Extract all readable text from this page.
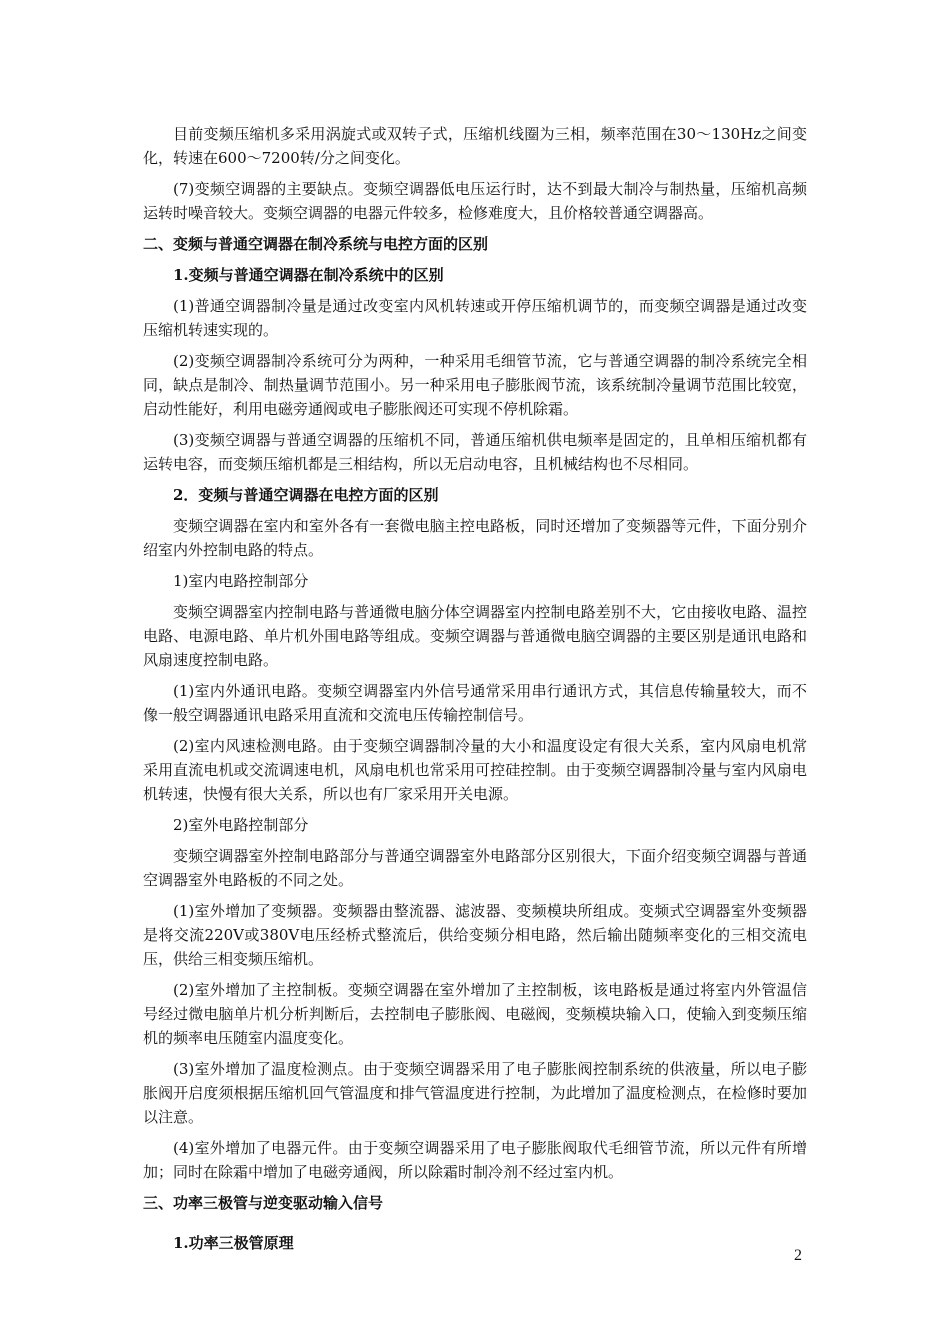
目前变频压缩机多采用涡旋式或双转子式，压缩机线圈为三相，频率范围在30～130Hz之间变化，转速在600～7200转/分之间变化。

(7)变频空调器的主要缺点。变频空调器低电压运行时，达不到最大制冷与制热量，压缩机高频运转时噪音较大。变频空调器的电器元件较多，检修难度大，且价格较普通空调器高。

二、变频与普通空调器在制冷系统与电控方面的区别
1.变频与普通空调器在制冷系统中的区别

(1)普通空调器制冷量是通过改变室内风机转速或开停压缩机调节的，而变频空调器是通过改变压缩机转速实现的。

(2)变频空调器制冷系统可分为两种，一种采用毛细管节流，它与普通空调器的制冷系统完全相同，缺点是制冷、制热量调节范围小。另一种采用电子膨胀阀节流，该系统制冷量调节范围比较宽，启动性能好，利用电磁旁通阀或电子膨胀阀还可实现不停机除霜。

(3)变频空调器与普通空调器的压缩机不同，普通压缩机供电频率是固定的，且单相压缩机都有运转电容，而变频压缩机都是三相结构，所以无启动电容，且机械结构也不尽相同。

2．变频与普通空调器在电控方面的区别

变频空调器在室内和室外各有一套微电脑主控电路板，同时还增加了变频器等元件，下面分别介绍室内外控制电路的特点。

1)室内电路控制部分

变频空调器室内控制电路与普通微电脑分体空调器室内控制电路差别不大，它由接收电路、温控电路、电源电路、单片机外围电路等组成。变频空调器与普通微电脑空调器的主要区别是通讯电路和风扇速度控制电路。

(1)室内外通讯电路。变频空调器室内外信号通常采用串行通讯方式，其信息传输量较大，而不像一般空调器通讯电路采用直流和交流电压传输控制信号。

(2)室内风速检测电路。由于变频空调器制冷量的大小和温度设定有很大关系，室内风扇电机常采用直流电机或交流调速电机，风扇电机也常采用可控硅控制。由于变频空调器制冷量与室内风扇电机转速，快慢有很大关系，所以也有厂家采用开关电源。

2)室外电路控制部分

变频空调器室外控制电路部分与普通空调器室外电路部分区别很大，下面介绍变频空调器与普通空调器室外电路板的不同之处。

(1)室外增加了变频器。变频器由整流器、滤波器、变频模块所组成。变频式空调器室外变频器是将交流220V或380V电压经桥式整流后，供给变频分相电路，然后输出随频率变化的三相交流电压，供给三相变频压缩机。

(2)室外增加了主控制板。变频空调器在室外增加了主控制板，该电路板是通过将室内外管温信号经过微电脑单片机分析判断后，去控制电子膨胀阀、电磁阀，变频模块输入口，使输入到变频压缩机的频率电压随室内温度变化。

(3)室外增加了温度检测点。由于变频空调器采用了电子膨胀阀控制系统的供液量，所以电子膨胀阀开启度须根据压缩机回气管温度和排气管温度进行控制，为此增加了温度检测点，在检修时要加以注意。

(4)室外增加了电器元件。由于变频空调器采用了电子膨胀阀取代毛细管节流，所以元件有所增加；同时在除霜中增加了电磁旁通阀，所以除霜时制冷剂不经过室内机。

三、功率三极管与逆变驱动输入信号
1.功率三极管原理
2
